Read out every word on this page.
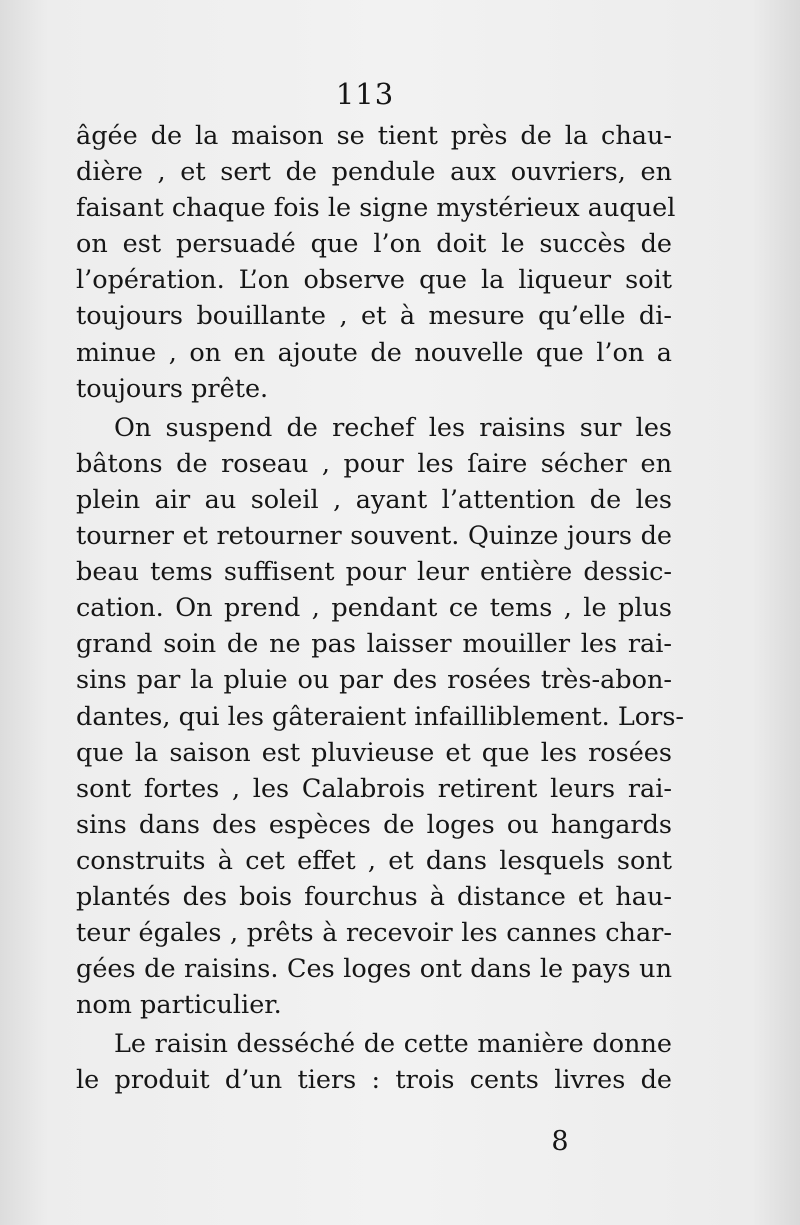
113
âgée de la maison se tient près de la chau-
dière , et sert de pendule aux ouvriers, en
faisant chaque fois le signe mystérieux auquel
on est persuadé que l’on doit le succès de
l’opération. L’on observe que la liqueur soit
toujours bouillante , et à mesure qu’elle di-
minue , on en ajoute de nouvelle que l’on a
toujours prête.
On suspend de rechef les raisins sur les
bâtons de roseau , pour les ſaire sécher en
plein air au soleil , ayant l’attention de les
tourner et retourner souvent. Quinze jours de
beau tems suffisent pour leur entière dessic-
cation. On prend , pendant ce tems , le plus
grand soin de ne pas laisser mouiller les rai-
sins par la pluie ou par des rosées très-abon-
dantes, qui les gâteraient infailliblement. Lors-
que la saison est pluvieuse et que les rosées
sont fortes , les Calabrois retirent leurs rai-
sins dans des espèces de loges ou hangards
construits à cet effet , et dans lesquels sont
plantés des bois fourchus à distance et hau-
teur égales , prêts à recevoir les cannes char-
gées de raisins. Ces loges ont dans le pays un
nom particulier.
Le raisin desséché de cette manière donne
le produit d’un tiers : trois cents livres de
8
